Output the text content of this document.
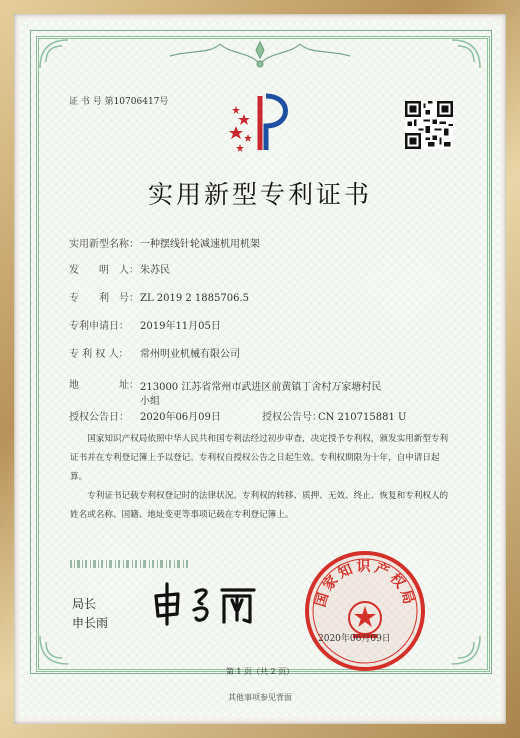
证 书 号 第10706417号
实用新型专利证书
实用新型名称： 一种摆线针轮减速机用机架
发　　明　人： 朱苏民
专　　利　号： ZL 2019 2 1885706.5
专利申请日： 2019年11月05日
专 利 权 人： 常州明业机械有限公司
地　　　　址： 213000 江苏省常州市武进区前黄镇丁舍村万家塘村民小组
授权公告日： 2020年06月09日	授权公告号：
CN 210715881 U
国家知识产权局依照中华人民共和国专利法经过初步审查，决定授予专利权，颁发实用新型专利证书并在专利登记簿上予以登记。专利权自授权公告之日起生效。专利权期限为十年，自申请日起算。
专利证书记载专利权登记时的法律状况。专利权的转移、质押、无效、终止、恢复和专利权人的姓名或名称、国籍、地址变更等事项记载在专利登记簿上。
局长
申长雨
国家知识产权局
2020年06月09日
第 1 页（共 2 页）
其他事项参见背面
